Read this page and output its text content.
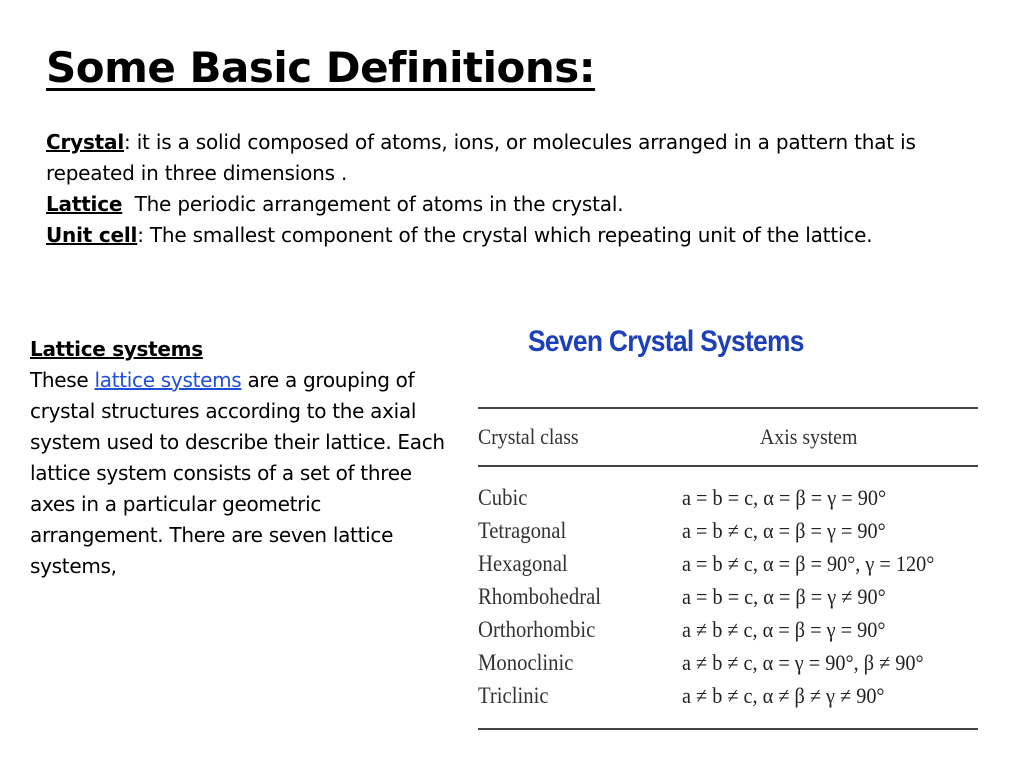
Some Basic Definitions:

Crystal: it is a solid composed of atoms, ions, or molecules arranged in a pattern that is repeated in three dimensions .

Lattice  The periodic arrangement of atoms in the crystal.

Unit cell: The smallest component of the crystal which repeating unit of the lattice.

Lattice systems
These lattice systems are a grouping of crystal structures according to the axial system used to describe their lattice. Each lattice system consists of a set of three axes in a particular geometric arrangement. There are seven lattice systems,
Seven Crystal Systems
Crystal class	Axis system
Cubic	a = b = c, α = β = γ = 90°
Tetragonal	a = b ≠ c, α = β = γ = 90°
Hexagonal	a = b ≠ c, α = β = 90°, γ = 120°
Rhombohedral	a = b = c, α = β = γ ≠ 90°
Orthorhombic	a ≠ b ≠ c, α = β = γ = 90°
Monoclinic	a ≠ b ≠ c, α = γ = 90°, β ≠ 90°
Triclinic	a ≠ b ≠ c, α ≠ β ≠ γ ≠ 90°
